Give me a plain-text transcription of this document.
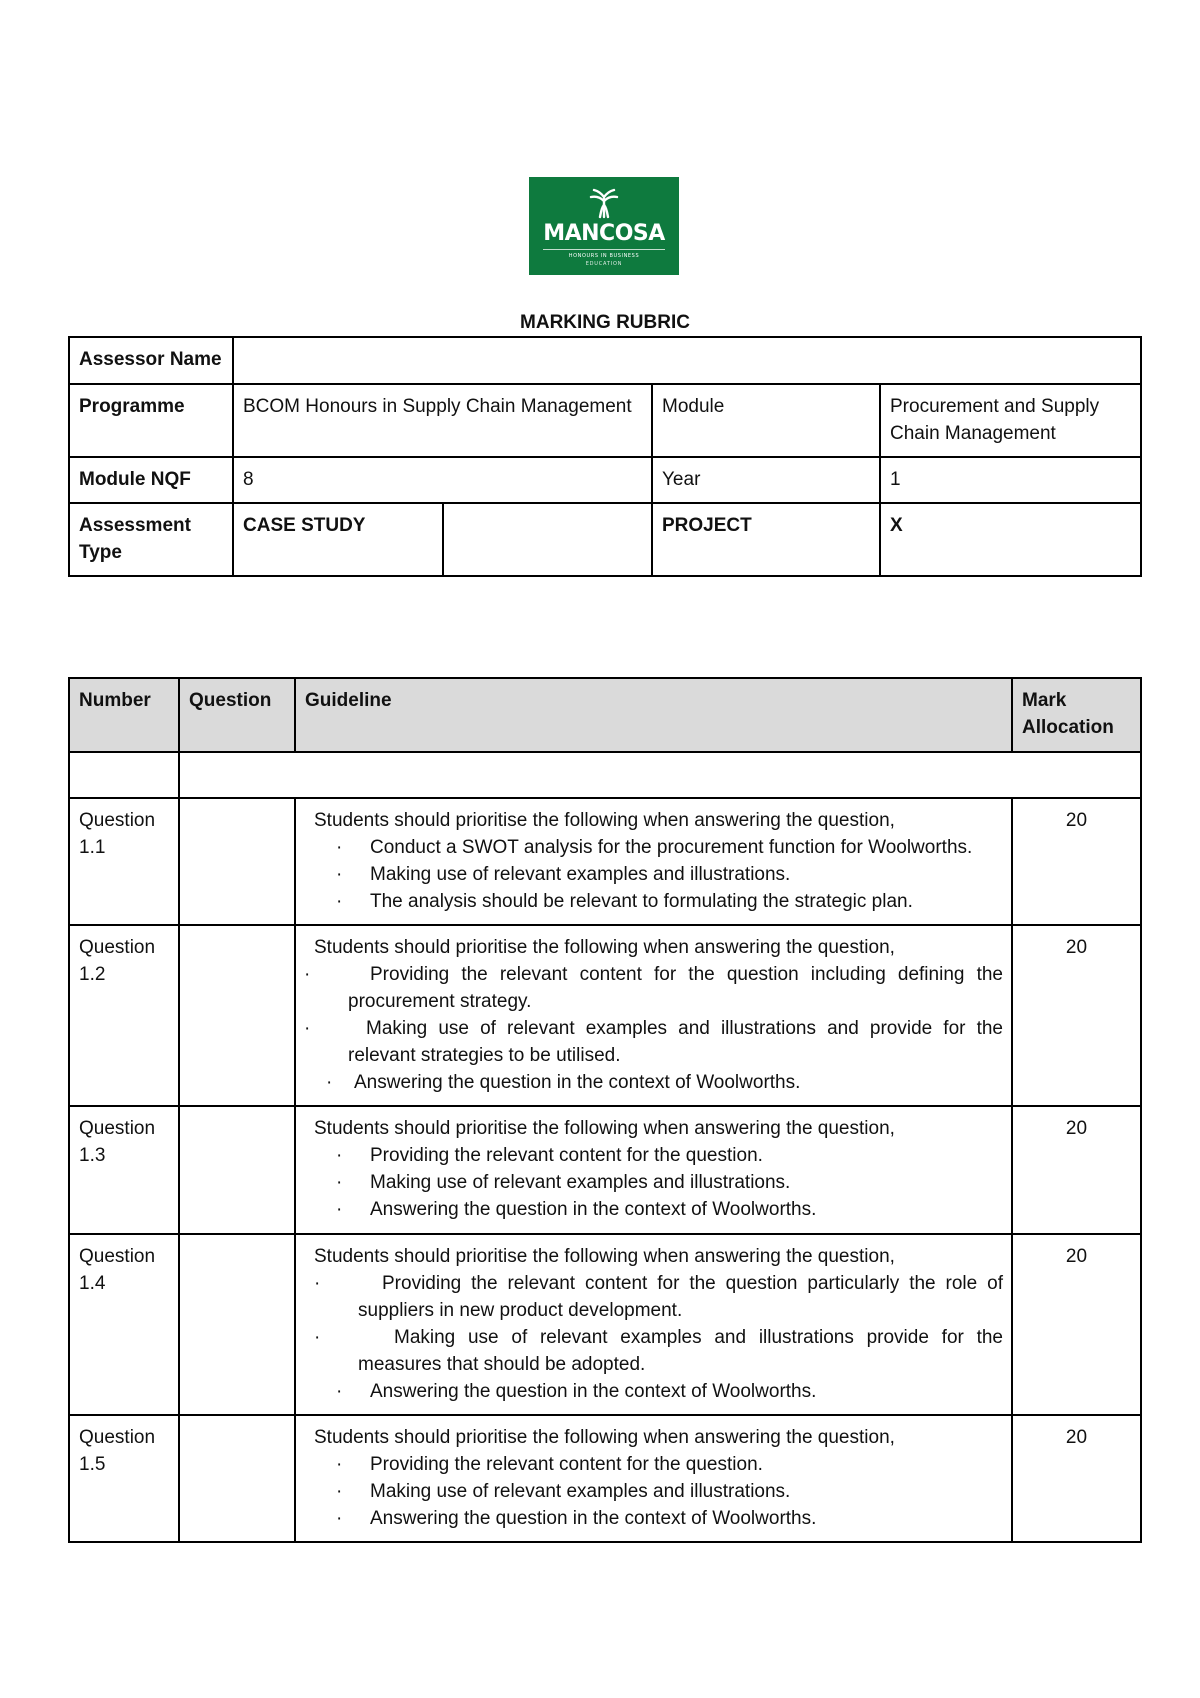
MANCOSA
HONOURS IN BUSINESS
EDUCATION
MARKING RUBRIC
Assessor Name				
Programme	BCOM Honours in Supply Chain Management		Module	Procurement and Supply Chain Management
Module NQF	8		Year	1
Assessment Type	CASE STUDY		PROJECT	X
Number	Question	Guideline	Mark Allocation

Question 1.1		Students should prioritise the following when answering the question,
· Conduct a SWOT analysis for the procurement function for Woolworths.
· Making use of relevant examples and illustrations.
· The analysis should be relevant to formulating the strategic plan.	20
Question 1.2		Students should prioritise the following when answering the question,
· Providing the relevant content for the question including defining the procurement strategy.
· Making use of relevant examples and illustrations and provide for the relevant strategies to be utilised.
· Answering the question in the context of Woolworths.	20
Question 1.3		Students should prioritise the following when answering the question,
· Providing the relevant content for the question.
· Making use of relevant examples and illustrations.
· Answering the question in the context of Woolworths.	20
Question 1.4		Students should prioritise the following when answering the question,
· Providing the relevant content for the question particularly the role of suppliers in new product development.
· Making use of relevant examples and illustrations provide for the measures that should be adopted.
· Answering the question in the context of Woolworths.	20
Question 1.5		Students should prioritise the following when answering the question,
· Providing the relevant content for the question.
· Making use of relevant examples and illustrations.
· Answering the question in the context of Woolworths.	20
